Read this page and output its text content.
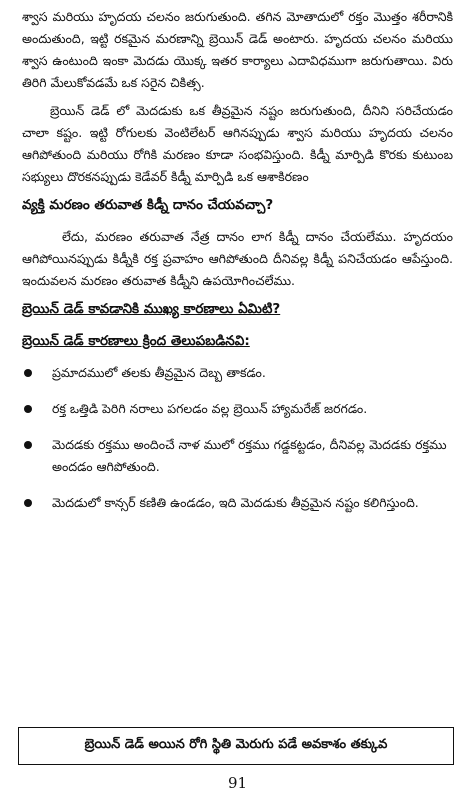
శ్వాస మరియు హృదయ చలనం జరుగుతుంది. తగిన మోతాదులో రక్తం మొత్తం శరీరానికి అందుతుంది, ఇట్టి రకమైన మరణాన్ని బ్రెయిన్ డెడ్ అంటారు. హృదయ చలనం మరియు శ్వాస ఉంటుంది ఇంకా మెదడు యొక్క ఇతర కార్యాలు ఎదావిధముగా జరుగుతాయి. విరు తిరిగి మేలుకోవడమే ఒక సరైన చికిత్స.

బ్రెయిన్ డెడ్ లో మెదడుకు ఒక తీవ్రమైన నష్టం జరుగుతుంది, దీనిని సరిచేయడం చాలా కష్టం. ఇట్టి రోగులకు వెంటిలేటర్ ఆగినప్పుడు శ్వాస మరియు హృదయ చలనం ఆగిపోతుంది మరియు రోగికి మరణం కూడా సంభవిస్తుంది. కిడ్నీ మార్పిడి కొరకు కుటుంబ సభ్యులు దొరకనప్పుడు కెడేవర్ కిడ్నీ మార్పిడి ఒక ఆశాకిరణం

వ్యక్తి మరణం తరువాత కిడ్నీ దానం చేయవచ్చా?

లేదు, మరణం తరువాత నేత్ర దానం లాగ కిడ్నీ దానం చేయలేము. హృదయం ఆగిపోయినప్పుడు కిడ్నీకి రక్త ప్రవాహం ఆగిపోతుంది దీనివల్ల కిడ్నీ పనిచేయడం ఆపేస్తుంది. ఇందువలన మరణం తరువాత కిడ్నీని ఉపయోగించలేము.

బ్రెయిన్ డెడ్ కావడానికి ముఖ్య కారణాలు ఏమిటి?
బ్రెయిన్ డెడ్ కారణాలు క్రింద తెలుపబడినవి:
ప్రమాదములో తలకు తీవ్రమైన దెబ్బ తాకడం.
రక్త ఒత్తిడి పెరిగి నరాలు పగలడం వల్ల బ్రెయిన్ హ్యామరేజ్ జరగడం.
మెదడకు రక్తము అందించే నాళ ములో రక్తము గడ్డకట్టడం, దీనివల్ల మెదడకు రక్తము అందడం ఆగిపోతుంది.
మెదడులో కాన్సర్ కణితి ఉండడం, ఇది మెదడుకు తీవ్రమైన నష్టం కలిగిస్తుంది.
బ్రెయిన్ డెడ్ అయిన రోగి స్థితి మెరుగు పడే అవకాశం తక్కువ
91
